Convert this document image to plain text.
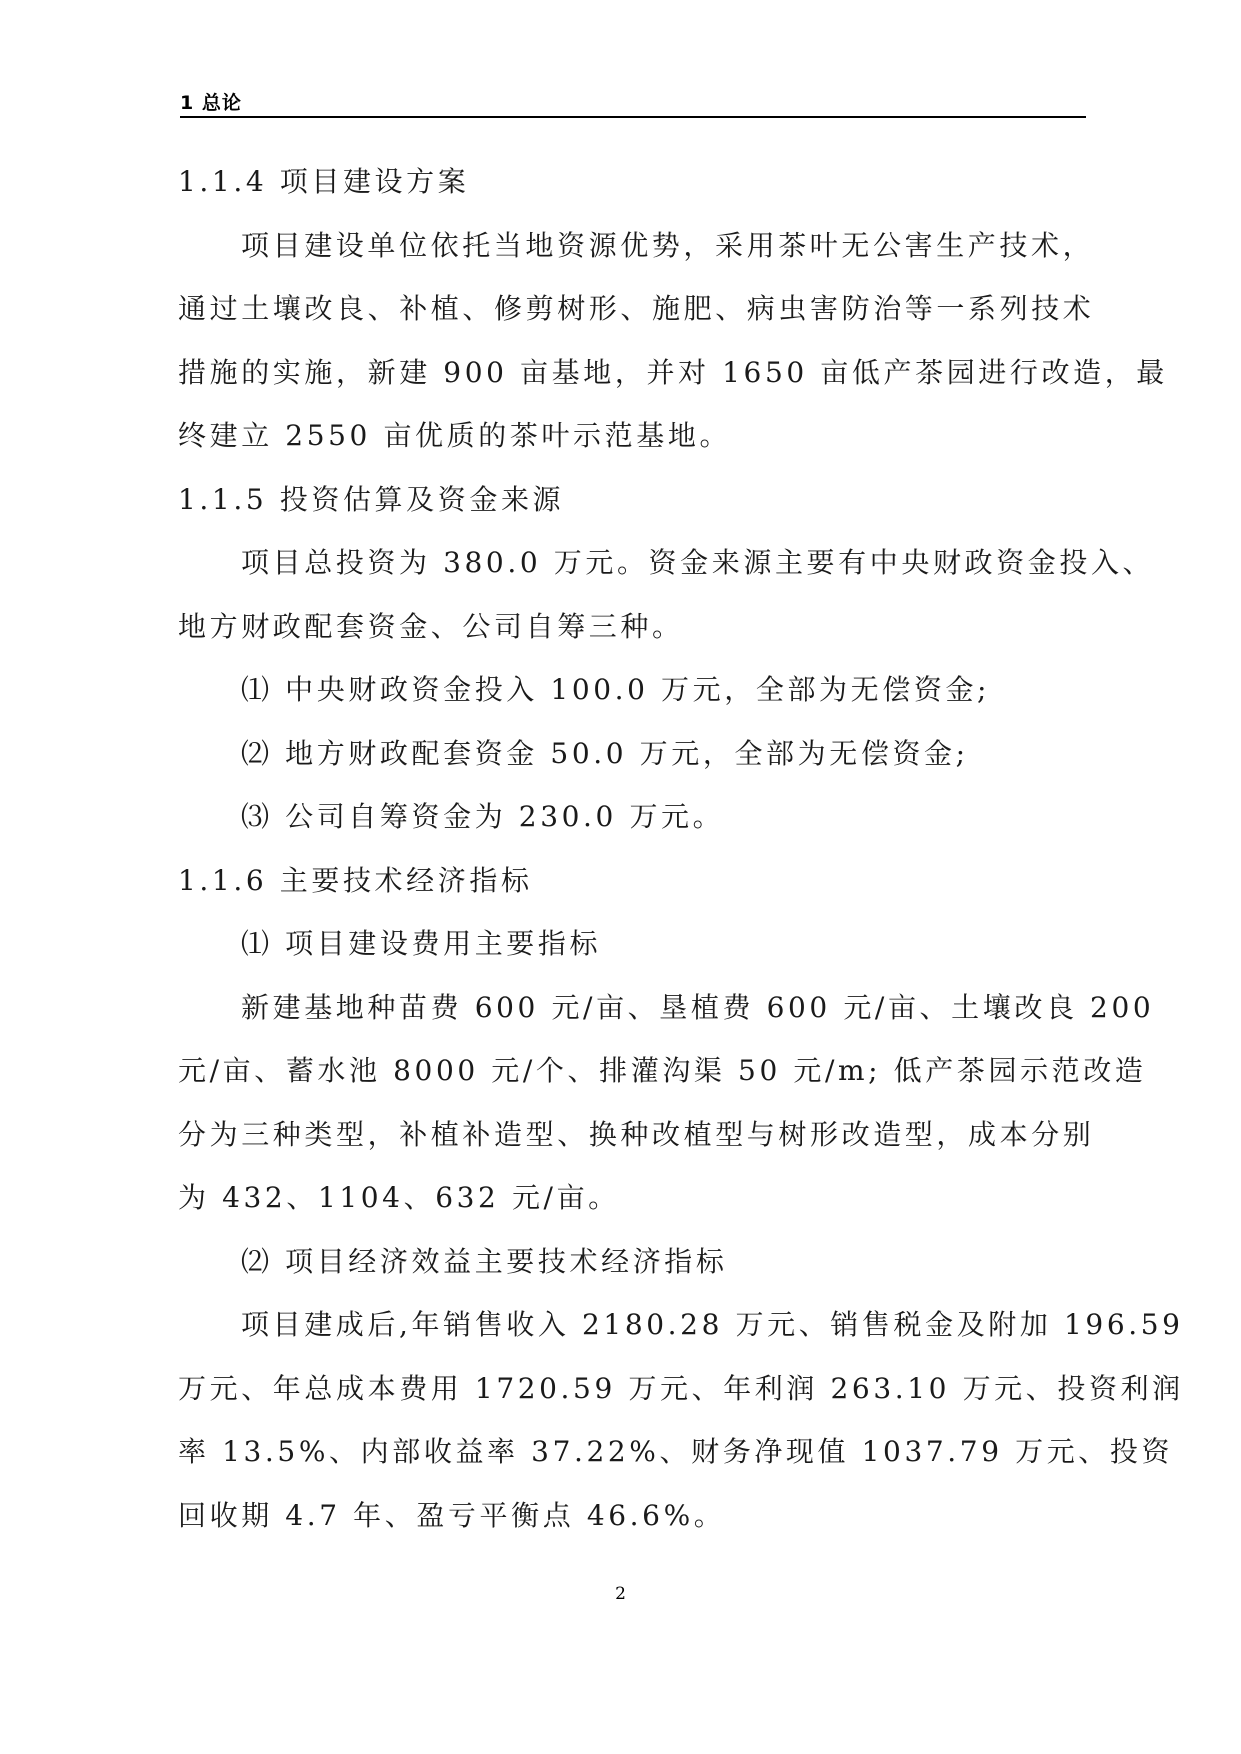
1 总论
1.1.4 项目建设方案
项目建设单位依托当地资源优势，采用茶叶无公害生产技术，
通过土壤改良、补植、修剪树形、施肥、病虫害防治等一系列技术
措施的实施，新建 900 亩基地，并对 1650 亩低产茶园进行改造，最
终建立 2550 亩优质的茶叶示范基地。
1.1.5 投资估算及资金来源
项目总投资为 380.0 万元。资金来源主要有中央财政资金投入、
地方财政配套资金、公司自筹三种。
⑴ 中央财政资金投入 100.0 万元，全部为无偿资金;
⑵ 地方财政配套资金 50.0 万元，全部为无偿资金;
⑶ 公司自筹资金为 230.0 万元。
1.1.6 主要技术经济指标
⑴ 项目建设费用主要指标
新建基地种苗费 600 元/亩、垦植费 600 元/亩、土壤改良 200
元/亩、蓄水池 8000 元/个、排灌沟渠 50 元/m; 低产茶园示范改造
分为三种类型，补植补造型、换种改植型与树形改造型，成本分别
为 432、1104、632 元/亩。
⑵ 项目经济效益主要技术经济指标
项目建成后,年销售收入 2180.28 万元、销售税金及附加 196.59
万元、年总成本费用 1720.59 万元、年利润 263.10 万元、投资利润
率 13.5%、内部收益率 37.22%、财务净现值 1037.79 万元、投资
回收期 4.7 年、盈亏平衡点 46.6%。
2
